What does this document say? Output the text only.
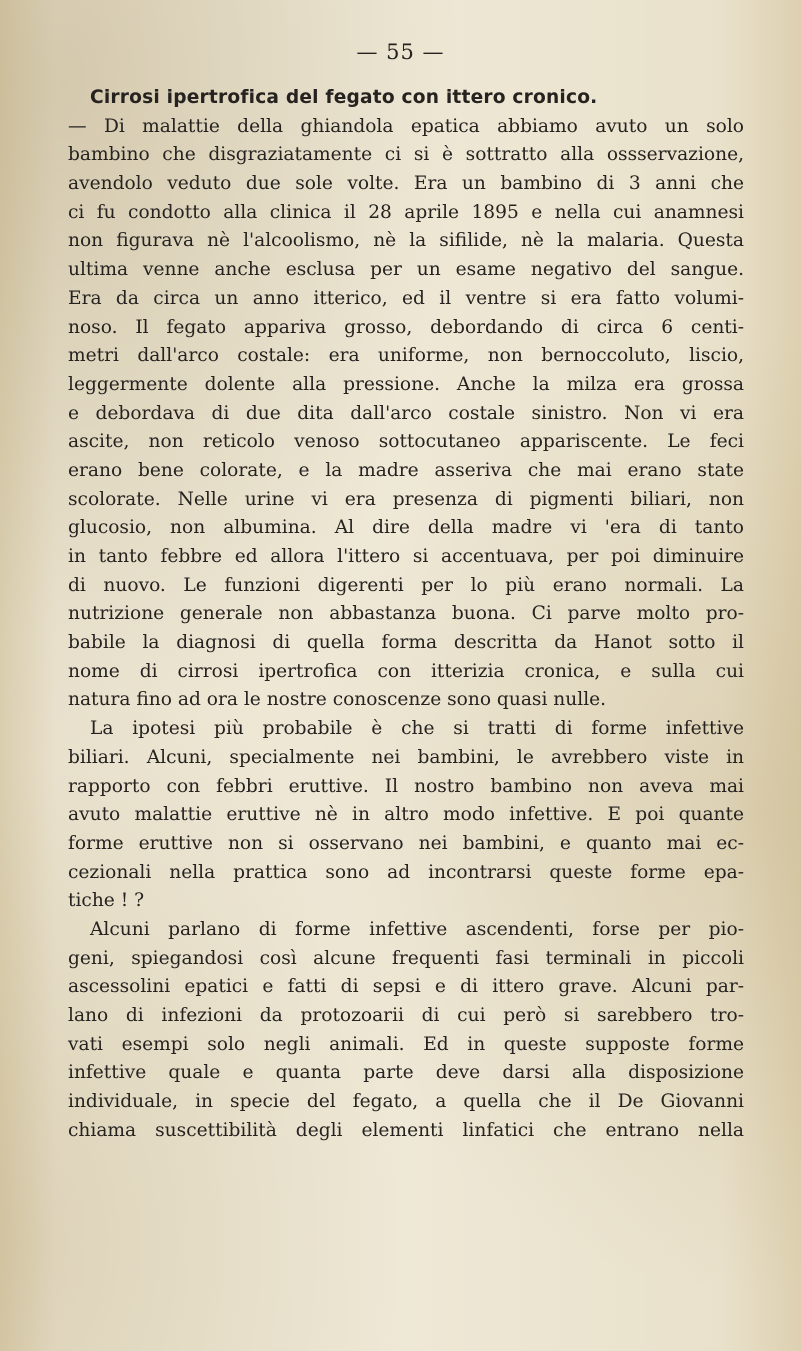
— 55 —
Cirrosi ipertrofica del fegato con ittero cronico.
— Di malattie della ghiandola epatica abbiamo avuto un solo
bambino che disgraziatamente ci si è sottratto alla ossservazione,
avendolo veduto due sole volte. Era un bambino di 3 anni che
ci fu condotto alla clinica il 28 aprile 1895 e nella cui anamnesi
non figurava nè l'alcoolismo, nè la sifilide, nè la malaria. Questa
ultima venne anche esclusa per un esame negativo del sangue.
Era da circa un anno itterico, ed il ventre si era fatto volumi-
noso. Il fegato appariva grosso, debordando di circa 6 centi-
metri dall'arco costale: era uniforme, non bernoccoluto, liscio,
leggermente dolente alla pressione. Anche la milza era grossa
e debordava di due dita dall'arco costale sinistro. Non vi era
ascite, non reticolo venoso sottocutaneo appariscente. Le feci
erano bene colorate, e la madre asseriva che mai erano state
scolorate. Nelle urine vi era presenza di pigmenti biliari, non
glucosio, non albumina. Al dire della madre vi 'era di tanto
in tanto febbre ed allora l'ittero si accentuava, per poi diminuire
di nuovo. Le funzioni digerenti per lo più erano normali. La
nutrizione generale non abbastanza buona. Ci parve molto pro-
babile la diagnosi di quella forma descritta da Hanot sotto il
nome di cirrosi ipertrofica con itterizia cronica, e sulla cui
natura fino ad ora le nostre conoscenze sono quasi nulle.
La ipotesi più probabile è che si tratti di forme infettive
biliari. Alcuni, specialmente nei bambini, le avrebbero viste in
rapporto con febbri eruttive. Il nostro bambino non aveva mai
avuto malattie eruttive nè in altro modo infettive. E poi quante
forme eruttive non si osservano nei bambini, e quanto mai ec-
cezionali nella prattica sono ad incontrarsi queste forme epa-
tiche ! ?
Alcuni parlano di forme infettive ascendenti, forse per pio-
geni, spiegandosi così alcune frequenti fasi terminali in piccoli
ascessolini epatici e fatti di sepsi e di ittero grave. Alcuni par-
lano di infezioni da protozoarii di cui però si sarebbero tro-
vati esempi solo negli animali. Ed in queste supposte forme
infettive quale e quanta parte deve darsi alla disposizione
individuale, in specie del fegato, a quella che il De Giovanni
chiama suscettibilità degli elementi linfatici che entrano nella
